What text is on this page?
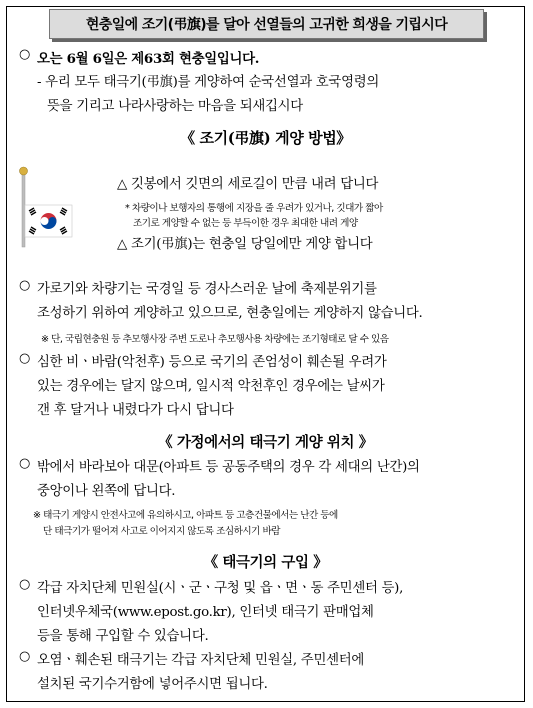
현충일에 조기(弔旗)를 달아 선열들의 고귀한 희생을 기립시다
○ 오는 6월 6일은 제63회 현충일입니다.
- 우리 모두 태극기(弔旗)를 게양하여 순국선열과 호국영령의
뜻을 기리고 나라사랑하는 마음을 되새깁시다
《 조기(弔旗) 게양 방법》
△ 깃봉에서 깃면의 세로길이 만큼 내려 답니다
* 차량이나 보행자의 통행에 지장을 줄 우려가 있거나, 깃대가 짧아
조기로 게양할 수 없는 등 부득이한 경우 최대한 내려 게양
△ 조기(弔旗)는 현충일 당일에만 게양 합니다
○ 가로기와 차량기는 국경일 등 경사스러운 날에 축제분위기를
조성하기 위하여 게양하고 있으므로, 현충일에는 게양하지 않습니다.
※ 단, 국립현충원 등 추모행사장 주변 도로나 추모행사용 차량에는 조기형태로 달 수 있음
○ 심한 비ㆍ바람(악천후) 등으로 국기의 존엄성이 훼손될 우려가
있는 경우에는 달지 않으며, 일시적 악천후인 경우에는 날씨가
갠 후 달거나 내렸다가 다시 답니다
《 가정에서의 태극기 게양 위치 》
○ 밖에서 바라보아 대문(아파트 등 공동주택의 경우 각 세대의 난간)의
중앙이나 왼쪽에 답니다.
※ 태극기 게양시 안전사고에 유의하시고, 아파트 등 고층건물에서는 난간 등에
단 태극기가 떨어져 사고로 이어지지 않도록 조심하시기 바람
《 태극기의 구입 》
○ 각급 자치단체 민원실(시ㆍ군ㆍ구청 및 읍ㆍ면ㆍ동 주민센터 등),
인터넷우체국(www.epost.go.kr), 인터넷 태극기 판매업체
등을 통해 구입할 수 있습니다.
○ 오염ㆍ훼손된 태극기는 각급 자치단체 민원실, 주민센터에
설치된 국기수거함에 넣어주시면 됩니다.
